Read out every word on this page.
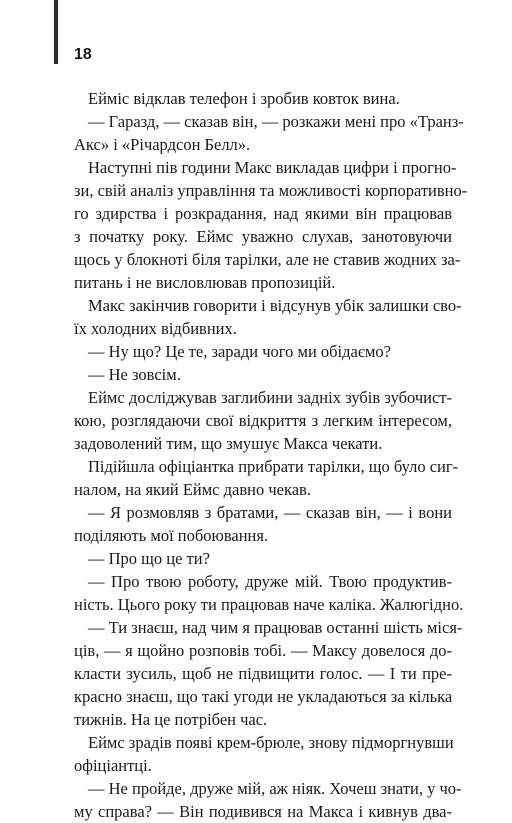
18
Ейміс відклав телефон і зробив ковток вина.
— Гаразд, — сказав він, — розкажи мені про «Транз-
Акс» і «Річардсон Белл».
Наступні пів години Макс викладав цифри і прогно-
зи, свій аналіз управління та можливості корпоративно-
го здирства і розкрадання, над якими він працював
з початку року. Еймс уважно слухав, занотовуючи
щось у блокноті біля тарілки, але не ставив жодних за-
питань і не висловлював пропозицій.
Макс закінчив говорити і відсунув убік залишки сво-
їх холодних відбивних.
— Ну що? Це те, заради чого ми обідаємо?
— Не зовсім.
Еймс досліджував заглибини задніх зубів зубочист-
кою, розглядаючи свої відкриття з легким інтересом,
задоволений тим, що змушує Макса чекати.
Підійшла офіціантка прибрати тарілки, що було сиг-
налом, на який Еймс давно чекав.
— Я розмовляв з братами, — сказав він, — і вони
поділяють мої побоювання.
— Про що це ти?
— Про твою роботу, друже мій. Твою продуктив-
ність. Цього року ти працював наче каліка. Жалюгідно.
— Ти знаєш, над чим я працював останні шість міся-
ців, — я щойно розповів тобі. — Максу довелося до-
класти зусиль, щоб не підвищити голос. — І ти пре-
красно знаєш, що такі угоди не укладаються за кілька
тижнів. На це потрібен час.
Еймс зрадів появі крем-брюле, знову підморгнувши
офіціантці.
— Не пройде, друже мій, аж ніяк. Хочеш знати, у чо-
му справа? — Він подивився на Макса і кивнув два-
